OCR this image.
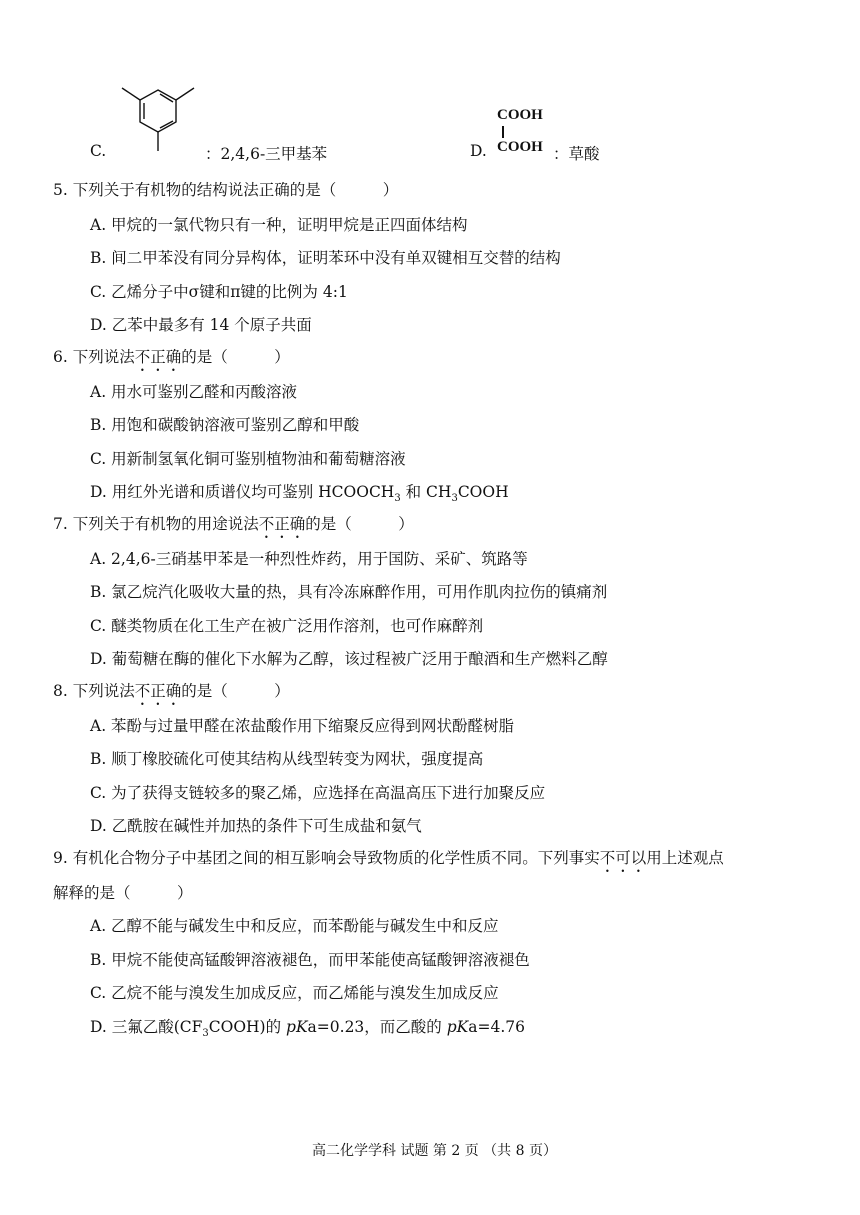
C.	：2,4,6-三甲基苯	D.
COOH
COOH ：草酸
5. 下列关于有机物的结构说法正确的是（　　　）
A. 甲烷的一氯代物只有一种，证明甲烷是正四面体结构
B. 间二甲苯没有同分异构体，证明苯环中没有单双键相互交替的结构
C. 乙烯分子中σ键和π键的比例为 4:1
D. 乙苯中最多有 14 个原子共面
6. 下列说法不正确的是（　　　）
A. 用水可鉴别乙醛和丙酸溶液
B. 用饱和碳酸钠溶液可鉴别乙醇和甲酸
C. 用新制氢氧化铜可鉴别植物油和葡萄糖溶液
D. 用红外光谱和质谱仪均可鉴别 $HCOOCH_3$ 和 $CH_3COOH$
7. 下列关于有机物的用途说法不正确的是（　　　）
A. 2,4,6-三硝基甲苯是一种烈性炸药，用于国防、采矿、筑路等
B. 氯乙烷汽化吸收大量的热，具有冷冻麻醉作用，可用作肌肉拉伤的镇痛剂
C. 醚类物质在化工生产在被广泛用作溶剂，也可作麻醉剂
D. 葡萄糖在酶的催化下水解为乙醇，该过程被广泛用于酿酒和生产燃料乙醇
8. 下列说法不正确的是（　　　）
A. 苯酚与过量甲醛在浓盐酸作用下缩聚反应得到网状酚醛树脂
B. 顺丁橡胶硫化可使其结构从线型转变为网状，强度提高
C. 为了获得支链较多的聚乙烯，应选择在高温高压下进行加聚反应
D. 乙酰胺在碱性并加热的条件下可生成盐和氨气
9. 有机化合物分子中基团之间的相互影响会导致物质的化学性质不同。下列事实不可以用上述观点
解释的是（　　　）
A. 乙醇不能与碱发生中和反应，而苯酚能与碱发生中和反应
B. 甲烷不能使高锰酸钾溶液褪色，而甲苯能使高锰酸钾溶液褪色
C. 乙烷不能与溴发生加成反应，而乙烯能与溴发生加成反应
D. 三氟乙酸$(CF_3COOH)$的 pKa=0.23，而乙酸的 pKa=4.76
高二化学学科 试题 第 2 页 （共 8 页）
